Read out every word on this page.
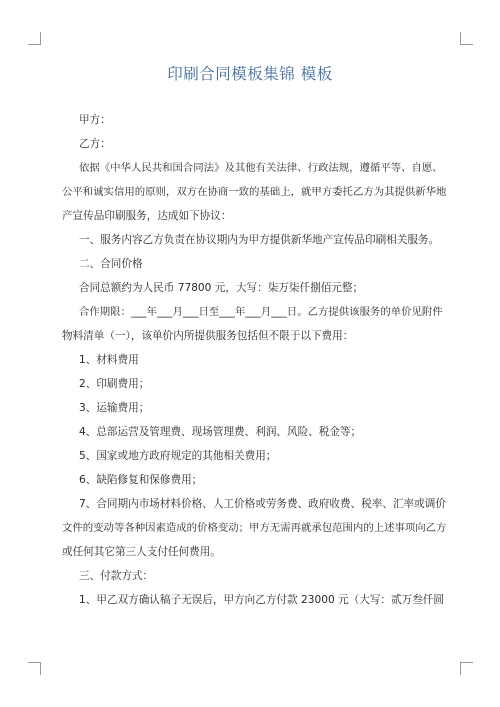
印刷合同模板集锦 模板

甲方：

乙方：

依据《中华人民共和国合同法》及其他有关法律、行政法规，遵循平等、自愿、

公平和诚实信用的原则，双方在协商一致的基础上，就甲方委托乙方为其提供新华地

产宣传品印刷服务，达成如下协议：

一、服务内容乙方负责在协议期内为甲方提供新华地产宣传品印刷相关服务。

二、合同价格

合同总额约为人民币 77800 元，大写：柒万柒仟捌佰元整；

合作期限：___年___月___日至___年___月___日。乙方提供该服务的单价见附件

物料清单（一），该单价内所提供服务包括但不限于以下费用：

1、材料费用

2、印刷费用；

3、运输费用；

4、总部运营及管理费、现场管理费、利润、风险、税金等；

5、国家或地方政府规定的其他相关费用；

6、缺陷修复和保修费用；

7、合同期内市场材料价格、人工价格或劳务费、政府收费、税率、汇率或调价

文件的变动等各种因素造成的价格变动；甲方无需再就承包范围内的上述事项向乙方

或任何其它第三人支付任何费用。

三、付款方式：

1、甲乙双方确认稿子无误后，甲方向乙方付款 23000 元（大写：贰万叁仟圆
